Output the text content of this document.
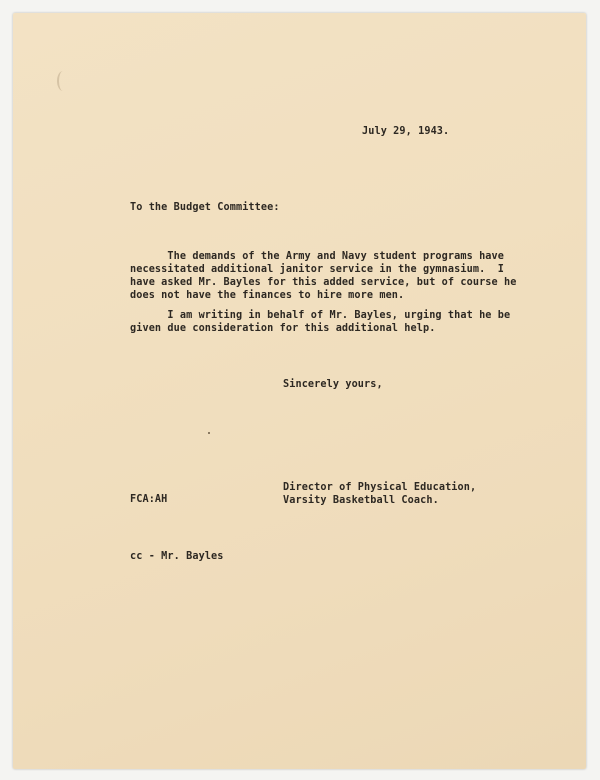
July 29, 1943.
To the Budget Committee:
The demands of the Army and Navy student programs have
necessitated additional janitor service in the gymnasium.  I
have asked Mr. Bayles for this added service, but of course he
does not have the finances to hire more men.
I am writing in behalf of Mr. Bayles, urging that he be
given due consideration for this additional help.
Sincerely yours,
Director of Physical Education,
Varsity Basketball Coach.
FCA:AH
cc - Mr. Bayles
